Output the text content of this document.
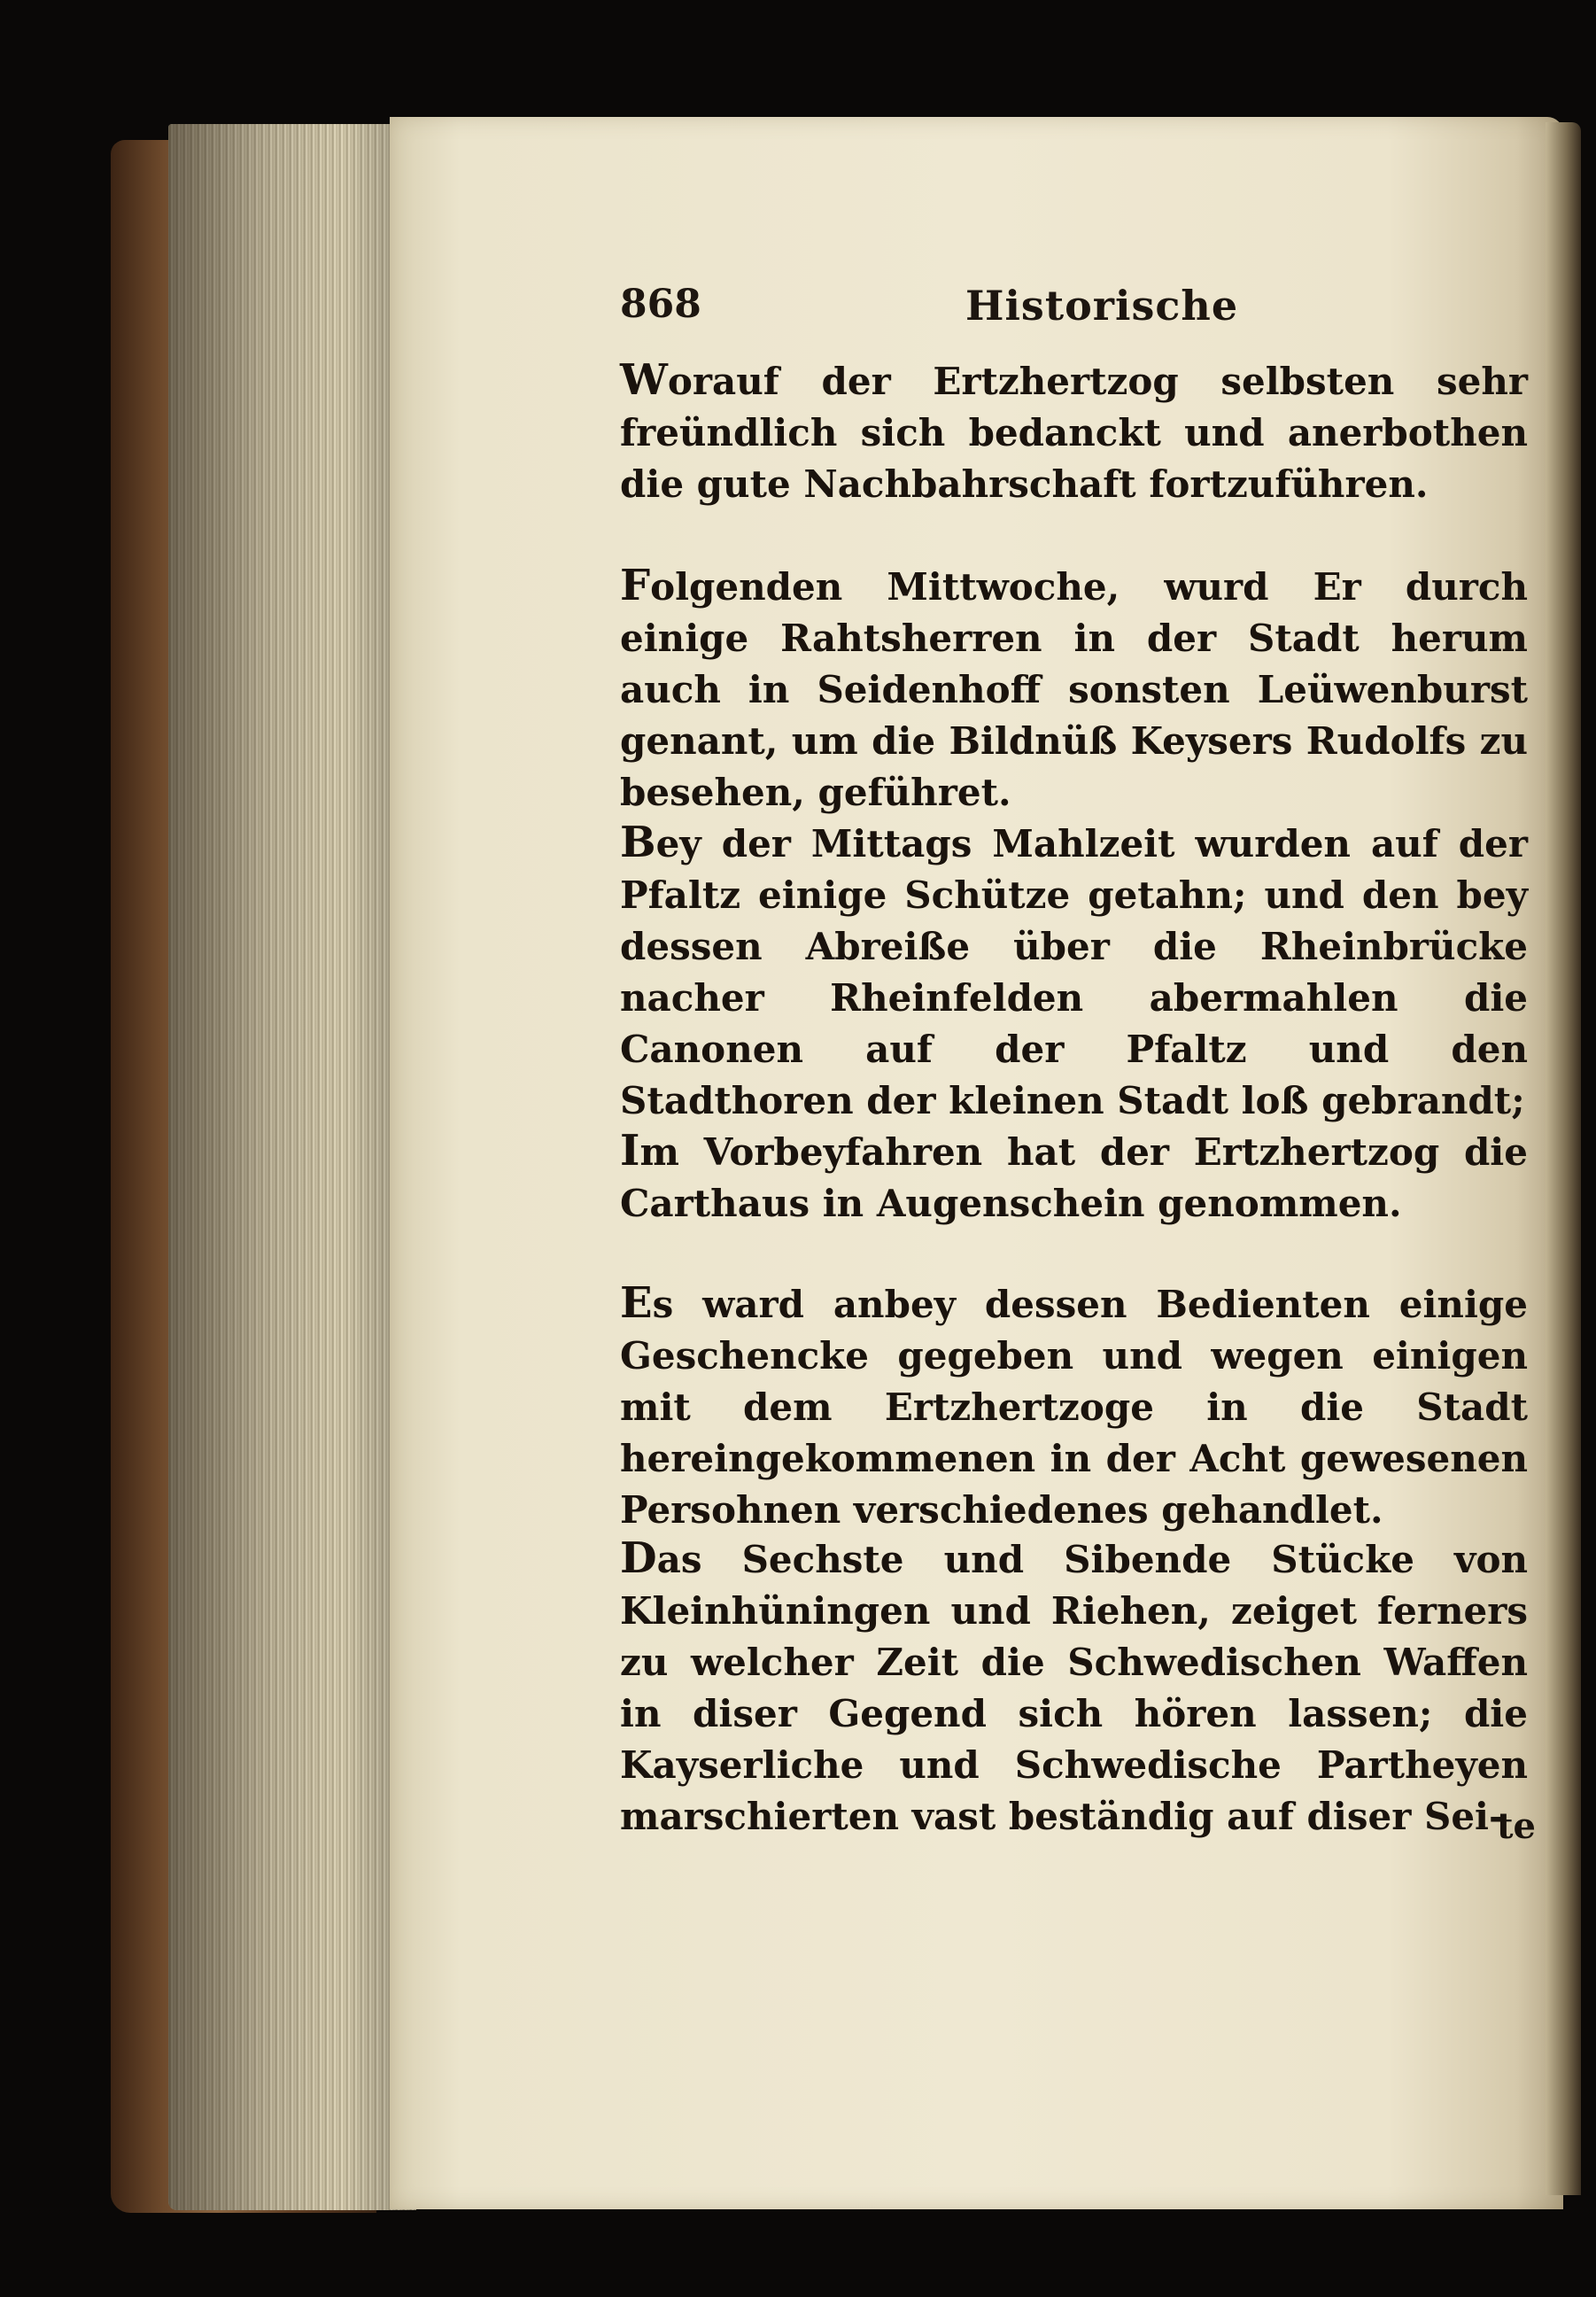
868	Historische
Worauf der Ertzhertzog selbsten sehr freündlich sich bedanckt und anerbothen die gute Nachbahrschaft fortzuführen.
Folgenden Mittwoche, wurd Er durch einige Rahtsherren in der Stadt herum auch in Seidenhoff sonsten Leüwenburst genant, um die Bildnüß Keysers Rudolfs zu besehen, geführet.
Bey der Mittags Mahlzeit wurden auf der Pfaltz einige Schütze getahn; und den bey dessen Abreiße über die Rheinbrücke nacher Rheinfelden abermahlen die Canonen auf der Pfaltz und den Stadthoren der kleinen Stadt loß gebrandt;
Im Vorbeyfahren hat der Ertzhertzog die Carthaus in Augenschein genommen.
Es ward anbey dessen Bedienten einige Geschencke gegeben und wegen einigen mit dem Ertzhertzoge in die Stadt hereingekommenen in der Acht gewesenen Persohnen verschiedenes gehandlet.
Das Sechste und Sibende Stücke von Kleinhüningen und Riehen, zeiget ferners zu welcher Zeit die Schwedischen Waffen in diser Gegend sich hören lassen; die Kayserliche und Schwedische Partheyen marschierten vast beständig auf diser Sei-
te
